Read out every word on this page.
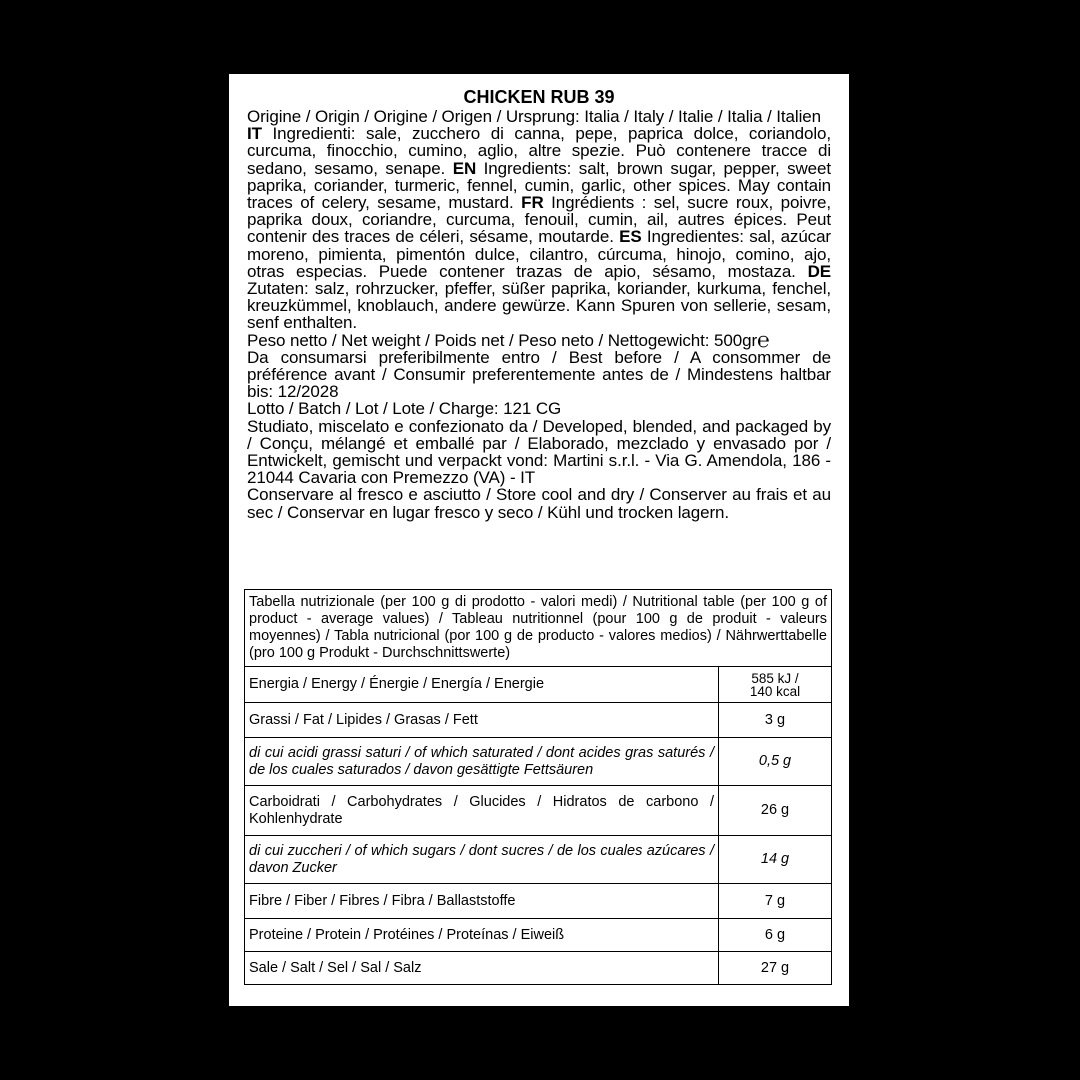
CHICKEN RUB 39

Origine / Origin / Origine / Origen / Ursprung: Italia / Italy / Italie / Italia / Italien

IT Ingredienti: sale, zucchero di canna, pepe, paprica dolce, coriandolo, curcuma, finocchio, cumino, aglio, altre spezie. Può contenere tracce di sedano, sesamo, senape. EN Ingredients: salt, brown sugar, pepper, sweet paprika, coriander, turmeric, fennel, cumin, garlic, other spices. May contain traces of celery, sesame, mustard. FR Ingrédients : sel, sucre roux, poivre, paprika doux, coriandre, curcuma, fenouil, cumin, ail, autres épices. Peut contenir des traces de céleri, sésame, moutarde. ES Ingredientes: sal, azúcar moreno, pimienta, pimentón dulce, cilantro, cúrcuma, hinojo, comino, ajo, otras especias. Puede contener trazas de apio, sésamo, mostaza. DE Zutaten: salz, rohrzucker, pfeffer, süßer paprika, koriander, kurkuma, fenchel, kreuzkümmel, knoblauch, andere gewürze. Kann Spuren von sellerie, sesam, senf enthalten.

Peso netto / Net weight / Poids net / Peso neto / Nettogewicht: 500gr℮

Da consumarsi preferibilmente entro / Best before / A consommer de préférence avant / Consumir preferentemente antes de / Mindestens haltbar bis: 12/2028

Lotto / Batch / Lot / Lote / Charge: 121 CG

Studiato, miscelato e confezionato da / Developed, blended, and packaged by / Conçu, mélangé et emballé par / Elaborado, mezclado y envasado por / Entwickelt, gemischt und verpackt vond: Martini s.r.l. - Via G. Amendola, 186 - 21044 Cavaria con Premezzo (VA) - IT

Conservare al fresco e asciutto / Store cool and dry / Conserver au frais et au sec / Conservar en lugar fresco y seco / Kühl und trocken lagern.

Tabella nutrizionale (per 100 g di prodotto - valori medi) / Nutritional table (per 100 g of product - average values) / Tableau nutritionnel (pour 100 g de produit - valeurs moyennes) / Tabla nutricional (por 100 g de producto - valores medios) / Nährwerttabelle (pro 100 g Produkt - Durchschnittswerte)	
Energia / Energy / Énergie / Energía / Energie	585 kJ /
140 kcal
Grassi / Fat / Lipides / Grasas / Fett	3 g
di cui acidi grassi saturi / of which saturated / dont acides gras saturés / de los cuales saturados / davon gesättigte Fettsäuren	0,5 g
Carboidrati / Carbohydrates / Glucides / Hidratos de carbono / Kohlenhydrate	26 g
di cui zuccheri / of which sugars / dont sucres / de los cuales azúcares / davon Zucker	14 g
Fibre / Fiber / Fibres / Fibra / Ballaststoffe	7 g
Proteine / Protein / Protéines / Proteínas / Eiweiß	6 g
Sale / Salt / Sel / Sal / Salz	27 g
